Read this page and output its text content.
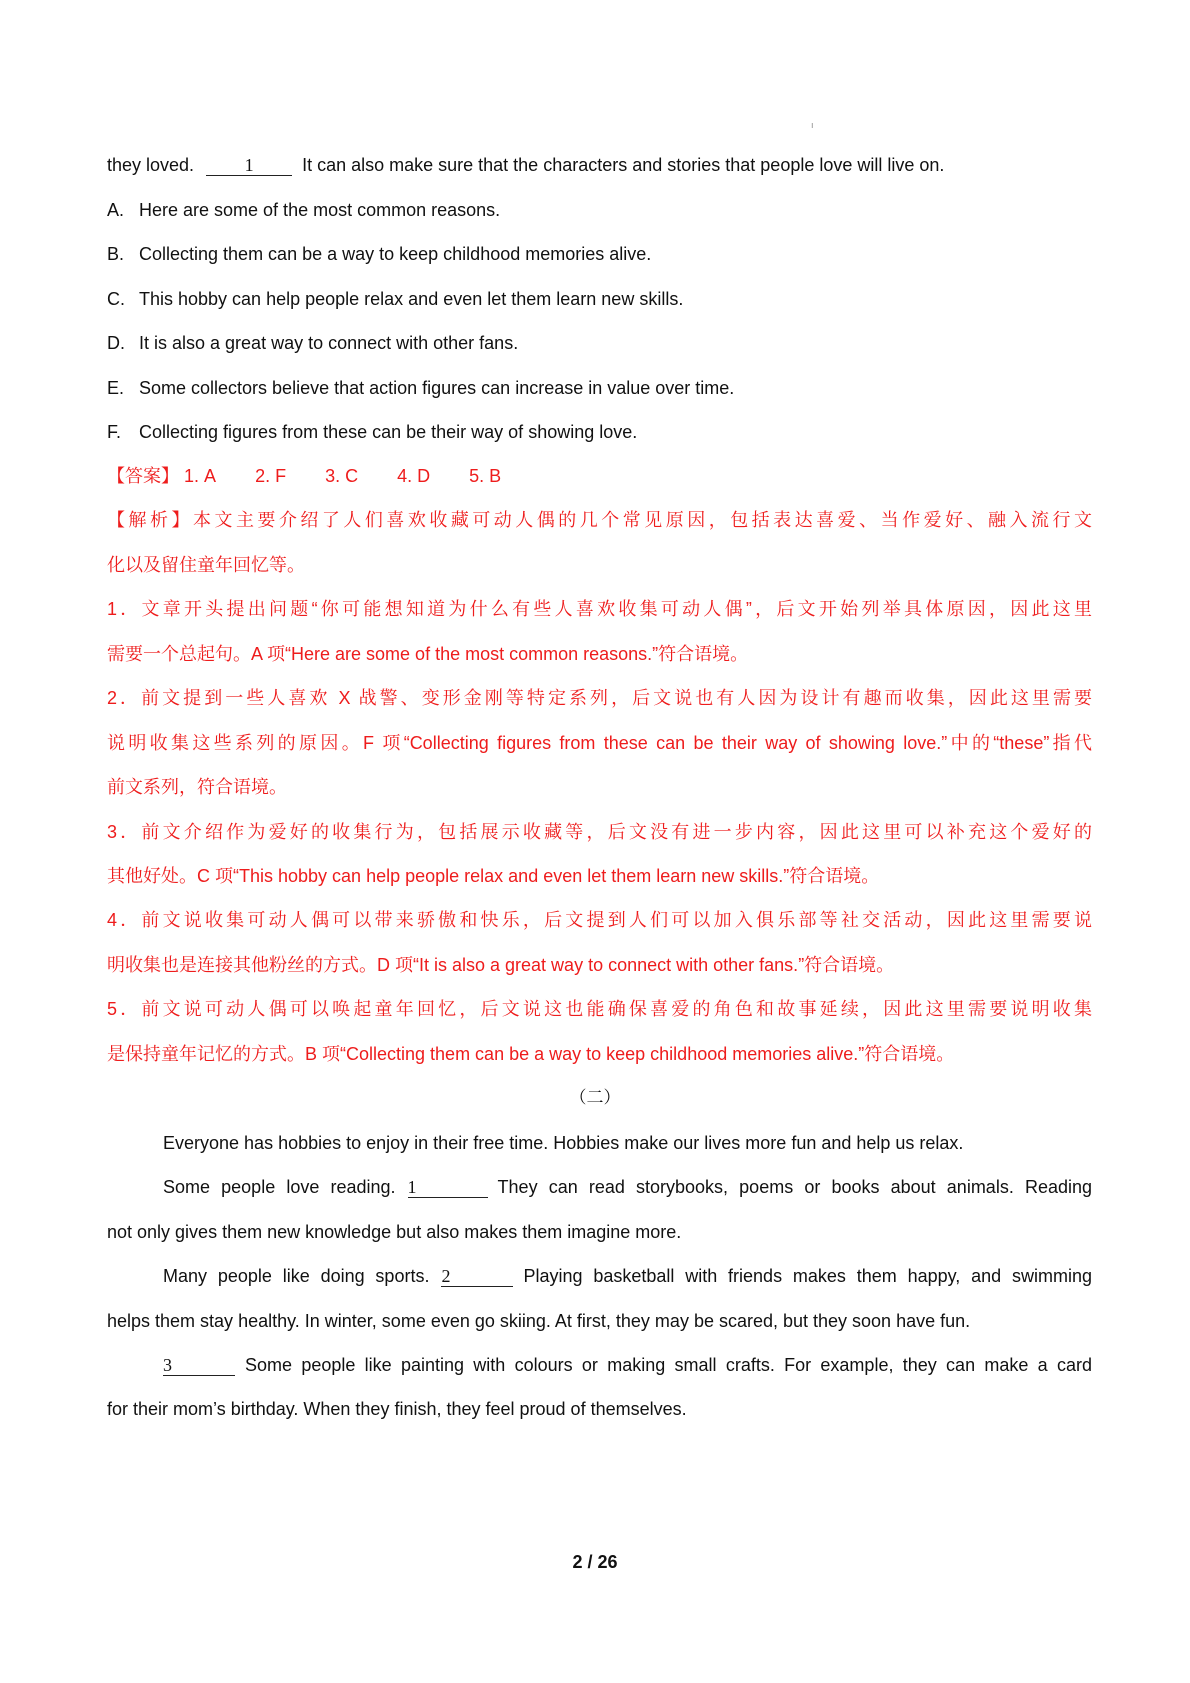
ı
they loved.	1	It can also make sure that the characters and stories that people love will live on.
A. Here are some of the most common reasons.
B. Collecting them can be a way to keep childhood memories alive.
C. This hobby can help people relax and even let them learn new skills.
D. It is also a great way to connect with other fans.
E. Some collectors believe that action figures can increase in value over time.
F. Collecting figures from these can be their way of showing love.
【答案】 1. A 2. F 3. C 4. D 5. B
【解析】本文主要介绍了人们喜欢收藏可动人偶的几个常见原因，包括表达喜爱、当作爱好、融入流行文
化以及留住童年回忆等。
1．文章开头提出问题“你可能想知道为什么有些人喜欢收集可动人偶”，后文开始列举具体原因，因此这里
需要一个总起句。A 项“Here are some of the most common reasons.”符合语境。
2．前文提到一些人喜欢 X 战警、变形金刚等特定系列，后文说也有人因为设计有趣而收集，因此这里需要
说明收集这些系列的原因。F 项“Collecting figures from these can be their way of showing love.”中的“these”指代
前文系列，符合语境。
3．前文介绍作为爱好的收集行为，包括展示收藏等，后文没有进一步内容，因此这里可以补充这个爱好的
其他好处。C 项“This hobby can help people relax and even let them learn new skills.”符合语境。
4．前文说收集可动人偶可以带来骄傲和快乐，后文提到人们可以加入俱乐部等社交活动，因此这里需要说
明收集也是连接其他粉丝的方式。D 项“It is also a great way to connect with other fans.”符合语境。
5．前文说可动人偶可以唤起童年回忆，后文说这也能确保喜爱的角色和故事延续，因此这里需要说明收集
是保持童年记忆的方式。B 项“Collecting them can be a way to keep childhood memories alive.”符合语境。
（二）
Everyone has hobbies to enjoy in their free time. Hobbies make our lives more fun and help us relax.
Some people love reading. 1	They can read storybooks, poems or books about animals. Reading
not only gives them new knowledge but also makes them imagine more.
Many people like doing sports. 2	Playing basketball with friends makes them happy, and swimming
helps them stay healthy. In winter, some even go skiing. At first, they may be scared, but they soon have fun.
3	Some people like painting with colours or making small crafts. For example, they can make a card
for their mom’s birthday. When they finish, they feel proud of themselves.
2 / 26
